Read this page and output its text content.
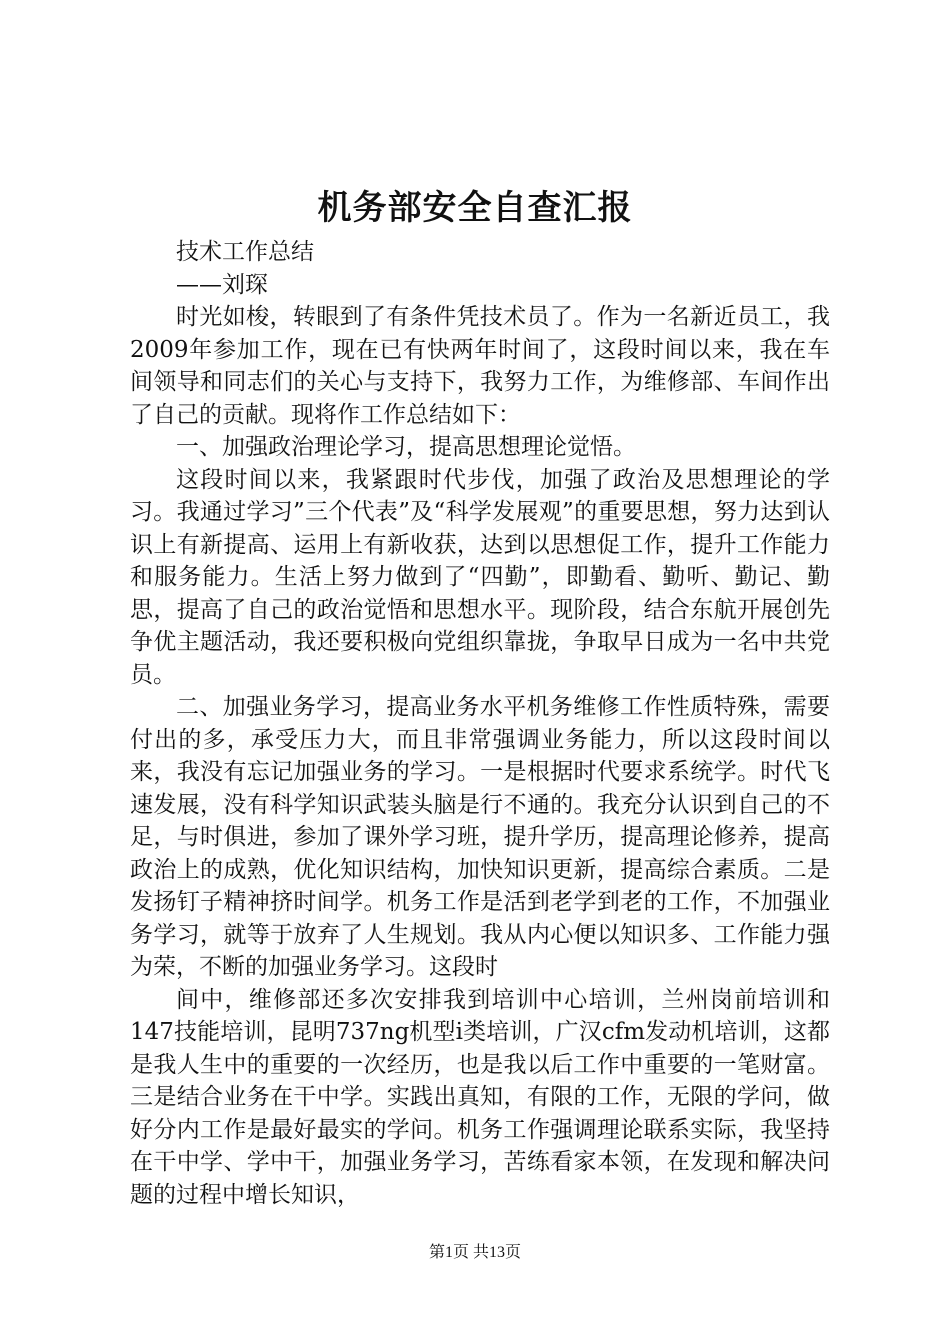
机务部安全自查汇报

技术工作总结

——刘琛

时光如梭，转眼到了有条件凭技术员了。作为一名新近员工，我2009年参加工作，现在已有快两年时间了，这段时间以来，我在车间领导和同志们的关心与支持下，我努力工作，为维修部、车间作出了自己的贡献。现将作工作总结如下：

一、加强政治理论学习，提高思想理论觉悟。

这段时间以来，我紧跟时代步伐，加强了政治及思想理论的学习。我通过学习”三个代表”及“科学发展观”的重要思想，努力达到认识上有新提高、运用上有新收获，达到以思想促工作，提升工作能力和服务能力。生活上努力做到了“四勤”，即勤看、勤听、勤记、勤思，提高了自己的政治觉悟和思想水平。现阶段，结合东航开展创先争优主题活动，我还要积极向党组织靠拢，争取早日成为一名中共党员。

二、加强业务学习，提高业务水平机务维修工作性质特殊，需要付出的多，承受压力大，而且非常强调业务能力，所以这段时间以来，我没有忘记加强业务的学习。一是根据时代要求系统学。时代飞速发展，没有科学知识武装头脑是行不通的。我充分认识到自己的不足，与时俱进，参加了课外学习班，提升学历，提高理论修养，提高政治上的成熟，优化知识结构，加快知识更新，提高综合素质。二是发扬钉子精神挤时间学。机务工作是活到老学到老的工作，不加强业务学习，就等于放弃了人生规划。我从内心便以知识多、工作能力强为荣，不断的加强业务学习。这段时

间中，维修部还多次安排我到培训中心培训，兰州岗前培训和147技能培训，昆明737ng机型ⅰ类培训，广汉cfm发动机培训，这都是我人生中的重要的一次经历，也是我以后工作中重要的一笔财富。三是结合业务在干中学。实践出真知，有限的工作，无限的学问，做好分内工作是最好最实的学问。机务工作强调理论联系实际，我坚持在干中学、学中干，加强业务学习，苦练看家本领，在发现和解决问题的过程中增长知识，

第1页 共13页
